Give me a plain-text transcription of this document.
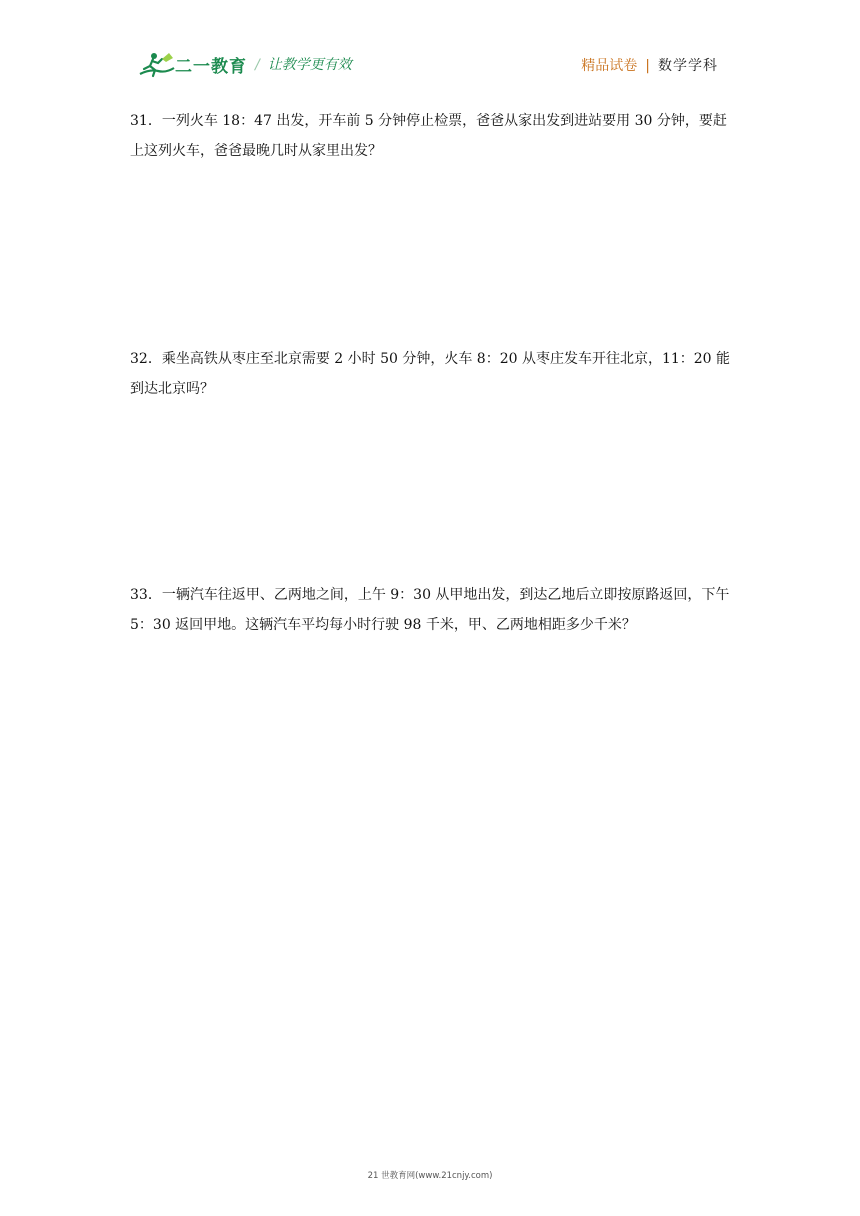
二一教育 / 让教学更有效	精品试卷 | 数学学科
31．一列火车 18：47 出发，开车前 5 分钟停止检票，爸爸从家出发到进站要用 30 分钟，要赶上这列火车，爸爸最晚几时从家里出发？
32．乘坐高铁从枣庄至北京需要 2 小时 50 分钟，火车 8：20 从枣庄发车开往北京，11：20 能到达北京吗？
33．一辆汽车往返甲、乙两地之间，上午 9：30 从甲地出发，到达乙地后立即按原路返回，下午 5：30 返回甲地。这辆汽车平均每小时行驶 98 千米，甲、乙两地相距多少千米？
21 世教育网(www.21cnjy.com)
